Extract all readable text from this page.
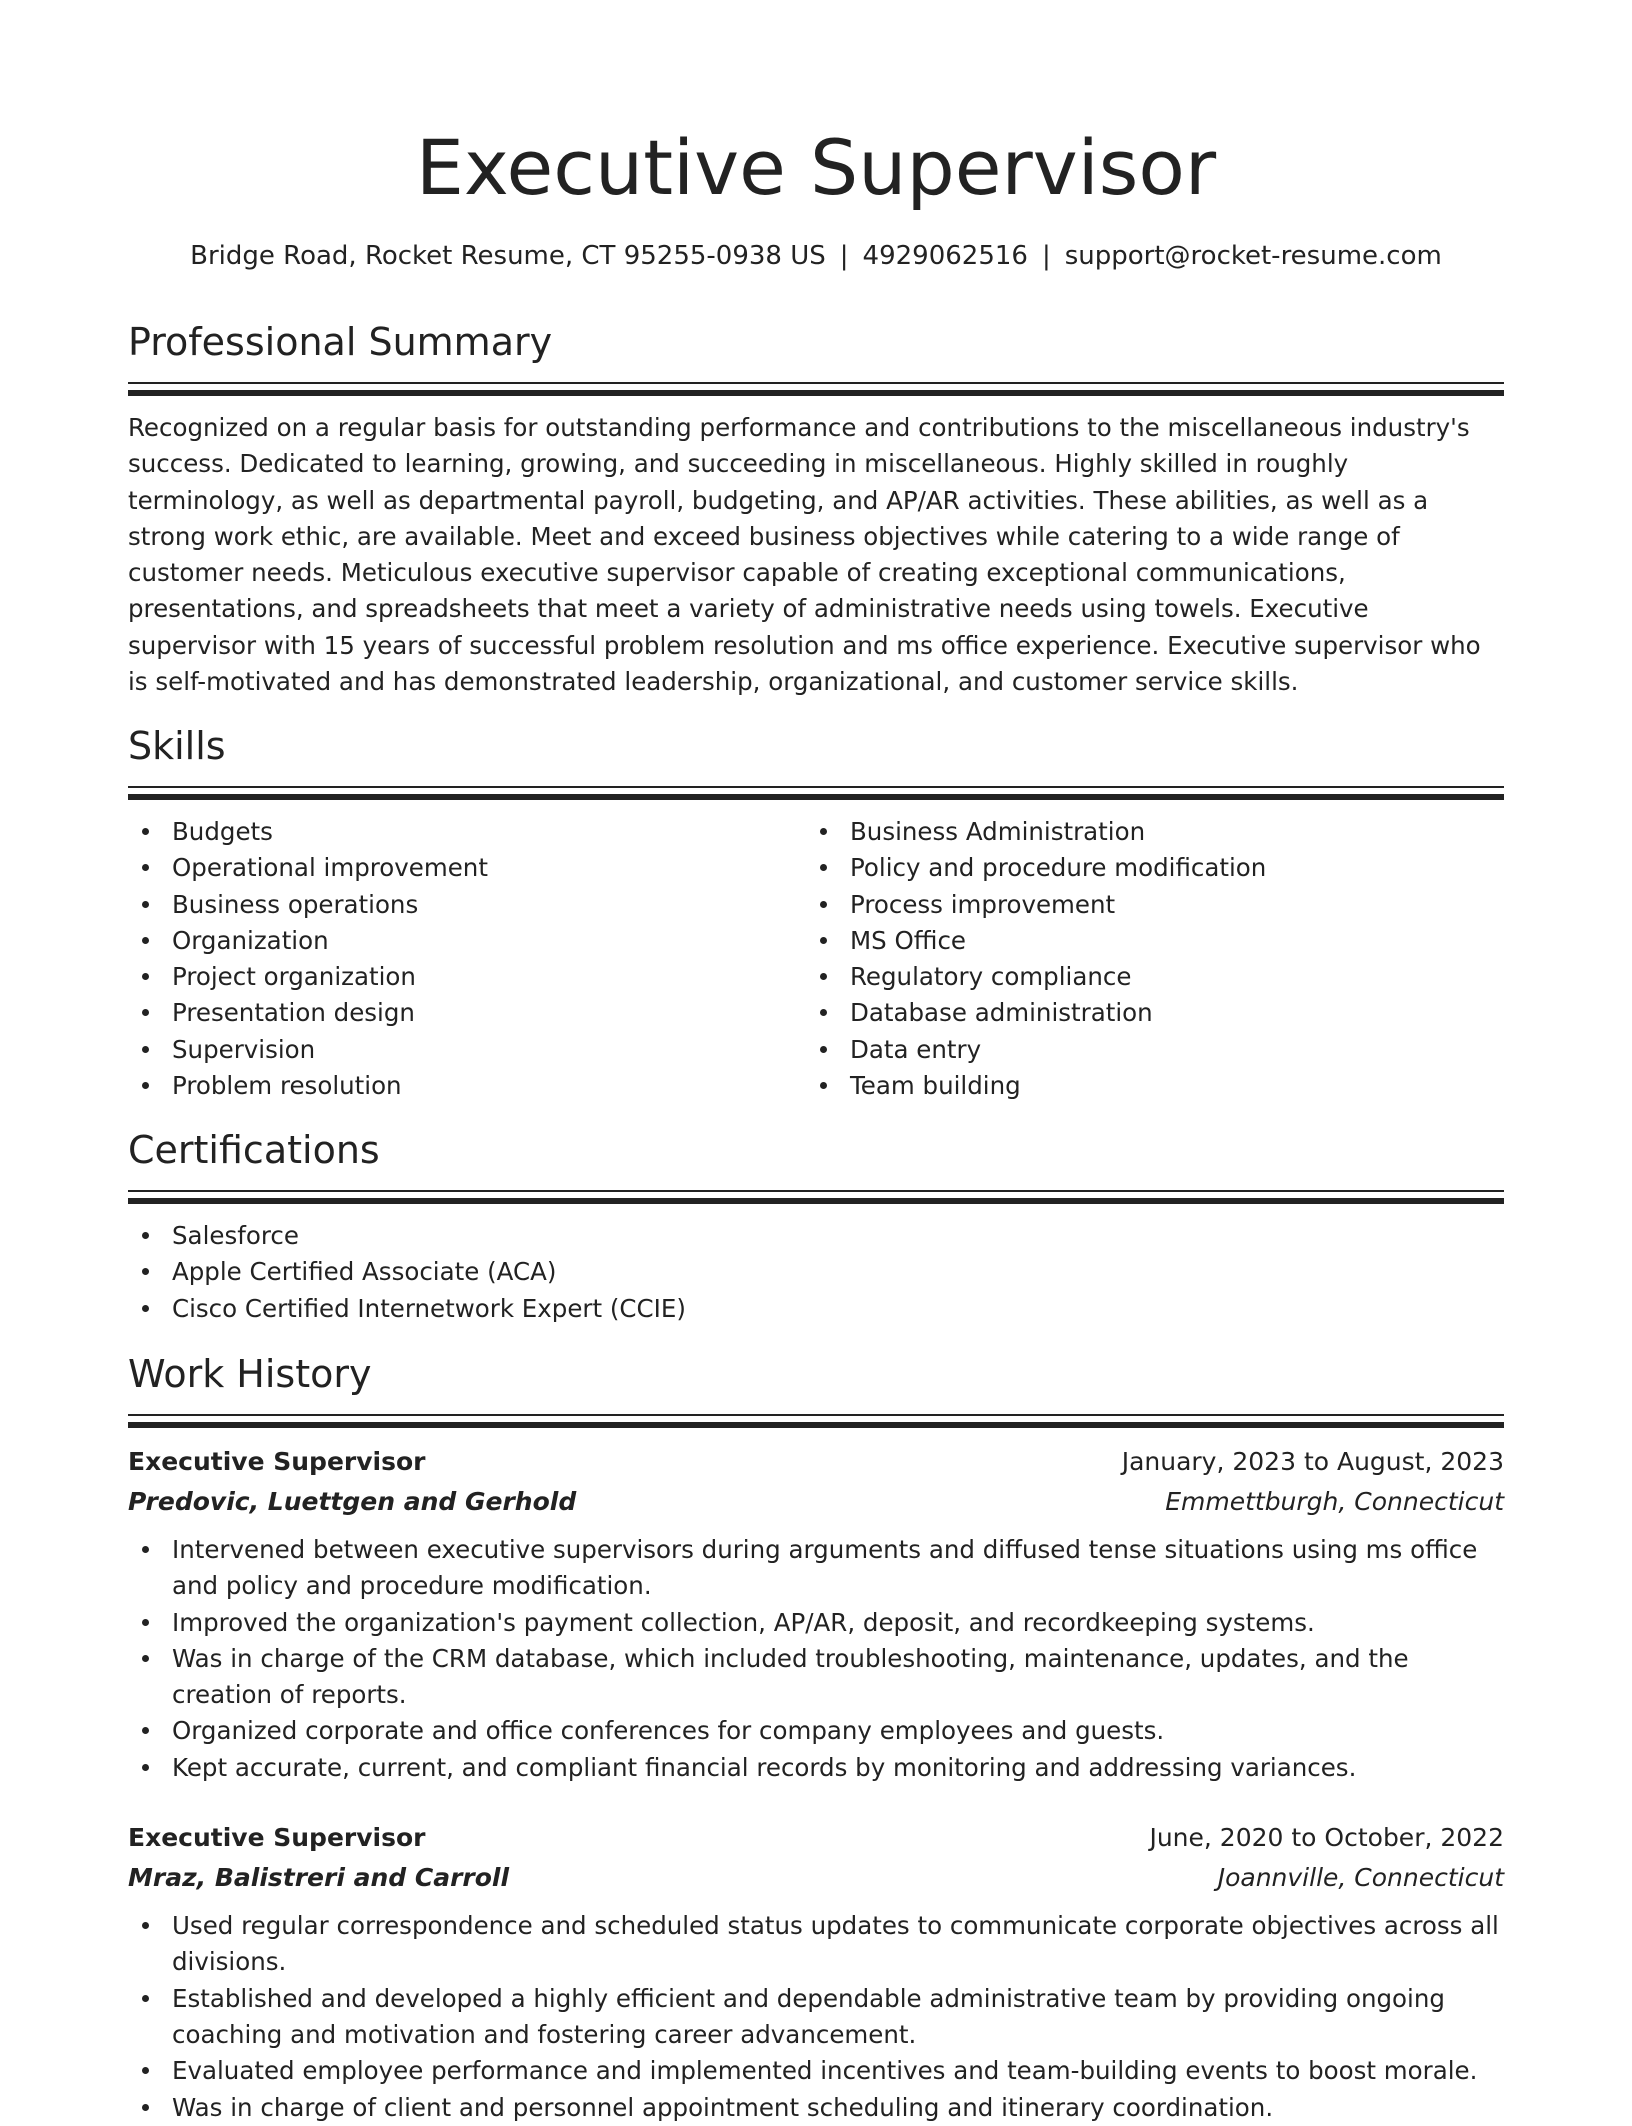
Executive Supervisor
Bridge Road, Rocket Resume, CT 95255-0938 US | 4929062516 | support@rocket-resume.com
Professional Summary

Recognized on a regular basis for outstanding performance and contributions to the miscellaneous industry's success. Dedicated to learning, growing, and succeeding in miscellaneous. Highly skilled in roughly terminology, as well as departmental payroll, budgeting, and AP/AR activities. These abilities, as well as a strong work ethic, are available. Meet and exceed business objectives while catering to a wide range of customer needs. Meticulous executive supervisor capable of creating exceptional communications, presentations, and spreadsheets that meet a variety of administrative needs using towels. Executive supervisor with 15 years of successful problem resolution and ms office experience. Executive supervisor who is self-motivated and has demonstrated leadership, organizational, and customer service skills.

Skills
Budgets
Operational improvement
Business operations
Organization
Project organization
Presentation design
Supervision
Problem resolution
Business Administration
Policy and procedure modification
Process improvement
MS Office
Regulatory compliance
Database administration
Data entry
Team building
Certifications
Salesforce
Apple Certified Associate (ACA)
Cisco Certified Internetwork Expert (CCIE)
Work History
Executive Supervisor	January, 2023 to August, 2023
Predovic, Luettgen and Gerhold	Emmettburgh, Connecticut
Intervened between executive supervisors during arguments and diffused tense situations using ms office and policy and procedure modification.
Improved the organization's payment collection, AP/AR, deposit, and recordkeeping systems.
Was in charge of the CRM database, which included troubleshooting, maintenance, updates, and the creation of reports.
Organized corporate and office conferences for company employees and guests.
Kept accurate, current, and compliant financial records by monitoring and addressing variances.
Executive Supervisor	June, 2020 to October, 2022
Mraz, Balistreri and Carroll	Joannville, Connecticut
Used regular correspondence and scheduled status updates to communicate corporate objectives across all divisions.
Established and developed a highly efficient and dependable administrative team by providing ongoing coaching and motivation and fostering career advancement.
Evaluated employee performance and implemented incentives and team-building events to boost morale.
Was in charge of client and personnel appointment scheduling and itinerary coordination.
